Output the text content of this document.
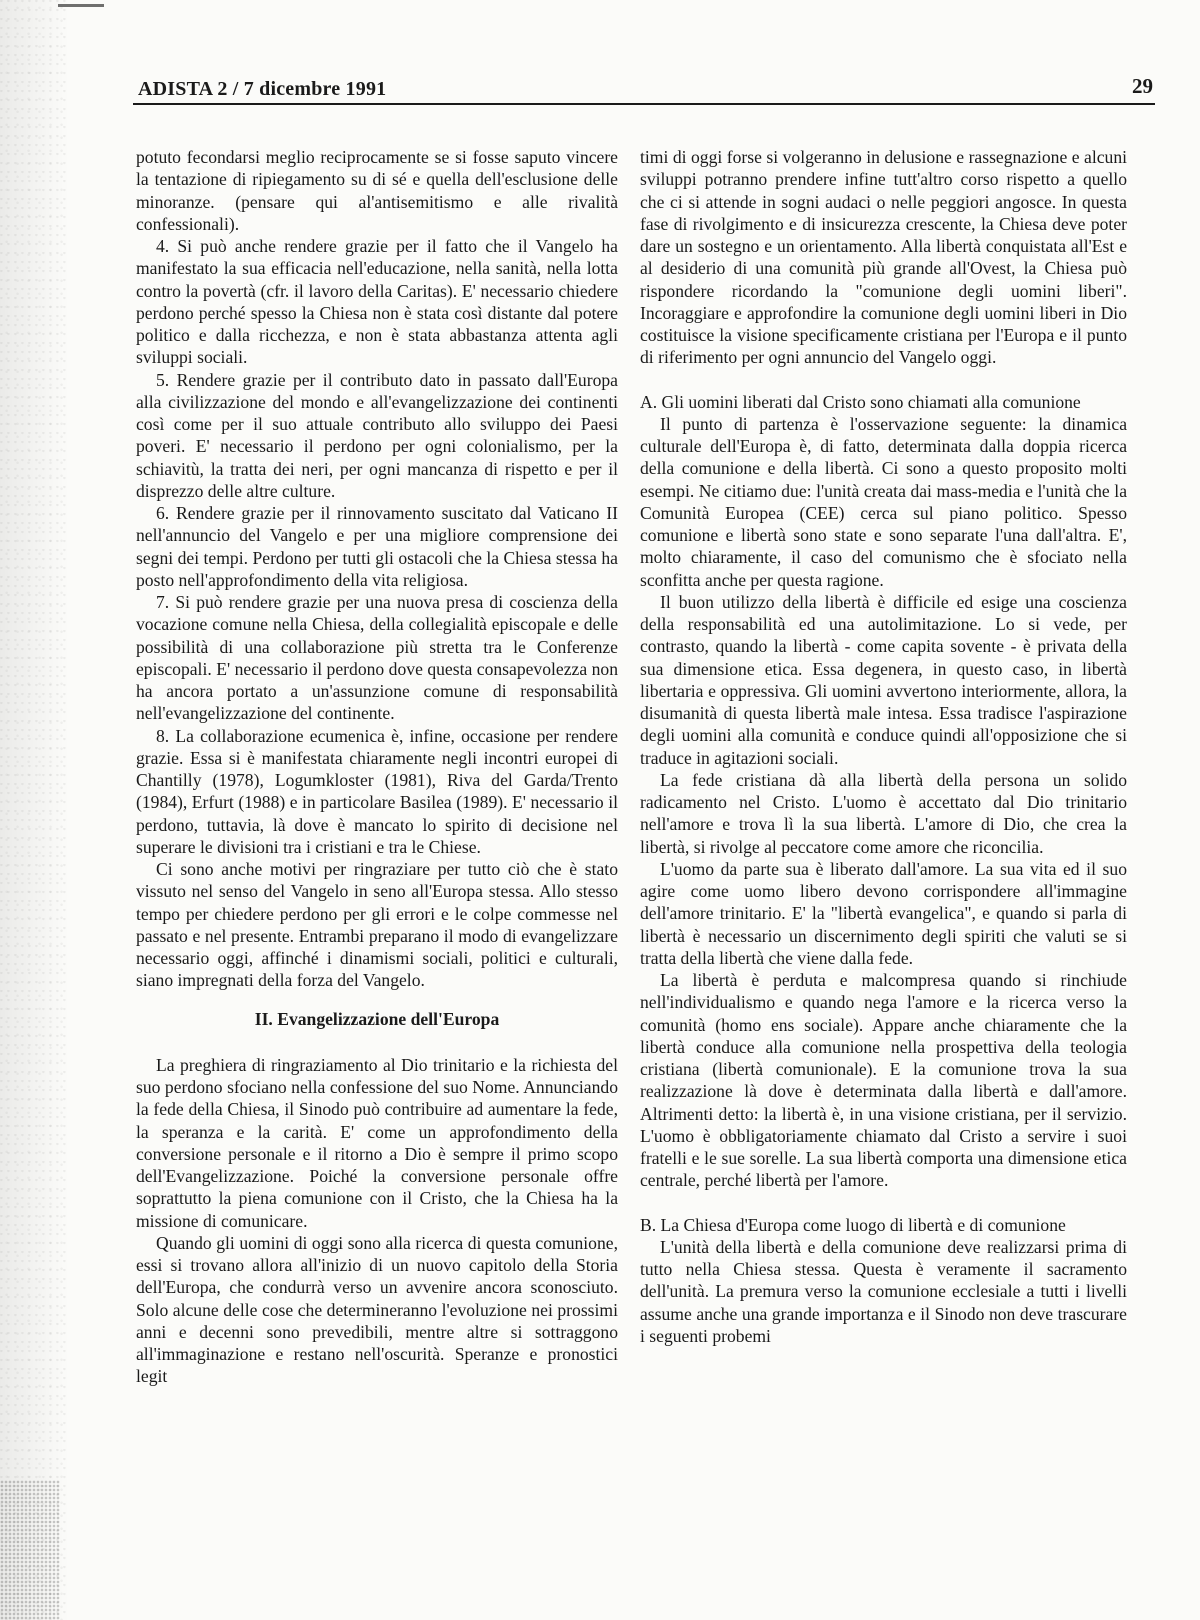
ADISTA 2 / 7 dicembre 1991	29

potuto fecondarsi meglio reciprocamente se si fosse saputo vincere la tentazione di ripiegamento su di sé e quella dell'esclusione delle minoranze. (pensare qui al'antisemitismo e alle rivalità confessionali).

4. Si può anche rendere grazie per il fatto che il Vangelo ha manifestato la sua efficacia nell'educazione, nella sanità, nella lotta contro la povertà (cfr. il lavoro della Caritas). E' necessario chiedere perdono perché spesso la Chiesa non è stata così distante dal potere politico e dalla ricchezza, e non è stata abbastanza attenta agli sviluppi sociali.

5. Rendere grazie per il contributo dato in passato dall'Europa alla civilizzazione del mondo e all'evangelizzazione dei continenti così come per il suo attuale contributo allo sviluppo dei Paesi poveri. E' necessario il perdono per ogni colonialismo, per la schiavitù, la tratta dei neri, per ogni mancanza di rispetto e per il disprezzo delle altre culture.

6. Rendere grazie per il rinnovamento suscitato dal Vaticano II nell'annuncio del Vangelo e per una migliore comprensione dei segni dei tempi. Perdono per tutti gli ostacoli che la Chiesa stessa ha posto nell'approfondimento della vita religiosa.

7. Si può rendere grazie per una nuova presa di coscienza della vocazione comune nella Chiesa, della collegialità episcopale e delle possibilità di una collaborazione più stretta tra le Conferenze episcopali. E' necessario il perdono dove questa consapevolezza non ha ancora portato a un'assunzione comune di responsabilità nell'evangelizzazione del continente.

8. La collaborazione ecumenica è, infine, occasione per rendere grazie. Essa si è manifestata chiaramente negli incontri europei di Chantilly (1978), Logumkloster (1981), Riva del Garda/Trento (1984), Erfurt (1988) e in particolare Basilea (1989). E' necessario il perdono, tuttavia, là dove è mancato lo spirito di decisione nel superare le divisioni tra i cristiani e tra le Chiese.

Ci sono anche motivi per ringraziare per tutto ciò che è stato vissuto nel senso del Vangelo in seno all'Europa stessa. Allo stesso tempo per chiedere perdono per gli errori e le colpe commesse nel passato e nel presente. Entrambi preparano il modo di evangelizzare necessario oggi, affinché i dinamismi sociali, politici e culturali, siano impregnati della forza del Vangelo.

II. Evangelizzazione dell'Europa

La preghiera di ringraziamento al Dio trinitario e la richiesta del suo perdono sfociano nella confessione del suo Nome. Annunciando la fede della Chiesa, il Sinodo può contribuire ad aumentare la fede, la speranza e la carità. E' come un approfondimento della conversione personale e il ritorno a Dio è sempre il primo scopo dell'Evangelizzazione. Poiché la conversione personale offre soprattutto la piena comunione con il Cristo, che la Chiesa ha la missione di comunicare.

Quando gli uomini di oggi sono alla ricerca di questa comunione, essi si trovano allora all'inizio di un nuovo capitolo della Storia dell'Europa, che condurrà verso un avvenire ancora sconosciuto. Solo alcune delle cose che determineranno l'evoluzione nei prossimi anni e decenni sono prevedibili, mentre altre si sottraggono all'immaginazione e restano nell'oscurità. Speranze e pronostici legit

timi di oggi forse si volgeranno in delusione e rassegnazione e alcuni sviluppi potranno prendere infine tutt'altro corso rispetto a quello che ci si attende in sogni audaci o nelle peggiori angosce. In questa fase di rivolgimento e di insicurezza crescente, la Chiesa deve poter dare un sostegno e un orientamento. Alla libertà conquistata all'Est e al desiderio di una comunità più grande all'Ovest, la Chiesa può rispondere ricordando la "comunione degli uomini liberi". Incoraggiare e approfondire la comunione degli uomini liberi in Dio costituisce la visione specificamente cristiana per l'Europa e il punto di riferimento per ogni annuncio del Vangelo oggi.

A. Gli uomini liberati dal Cristo sono chiamati alla comunione

Il punto di partenza è l'osservazione seguente: la dinamica culturale dell'Europa è, di fatto, determinata dalla doppia ricerca della comunione e della libertà. Ci sono a questo proposito molti esempi. Ne citiamo due: l'unità creata dai mass-media e l'unità che la Comunità Europea (CEE) cerca sul piano politico. Spesso comunione e libertà sono state e sono separate l'una dall'altra. E', molto chiaramente, il caso del comunismo che è sfociato nella sconfitta anche per questa ragione.

Il buon utilizzo della libertà è difficile ed esige una coscienza della responsabilità ed una autolimitazione. Lo si vede, per contrasto, quando la libertà - come capita sovente - è privata della sua dimensione etica. Essa degenera, in questo caso, in libertà libertaria e oppressiva. Gli uomini avvertono interiormente, allora, la disumanità di questa libertà male intesa. Essa tradisce l'aspirazione degli uomini alla comunità e conduce quindi all'opposizione che si traduce in agitazioni sociali.

La fede cristiana dà alla libertà della persona un solido radicamento nel Cristo. L'uomo è accettato dal Dio trinitario nell'amore e trova lì la sua libertà. L'amore di Dio, che crea la libertà, si rivolge al peccatore come amore che riconcilia.

L'uomo da parte sua è liberato dall'amore. La sua vita ed il suo agire come uomo libero devono corrispondere all'immagine dell'amore trinitario. E' la "libertà evangelica", e quando si parla di libertà è necessario un discernimento degli spiriti che valuti se si tratta della libertà che viene dalla fede.

La libertà è perduta e malcompresa quando si rinchiude nell'individualismo e quando nega l'amore e la ricerca verso la comunità (homo ens sociale). Appare anche chiaramente che la libertà conduce alla comunione nella prospettiva della teologia cristiana (libertà comunionale). E la comunione trova la sua realizzazione là dove è determinata dalla libertà e dall'amore. Altrimenti detto: la libertà è, in una visione cristiana, per il servizio. L'uomo è obbligatoriamente chiamato dal Cristo a servire i suoi fratelli e le sue sorelle. La sua libertà comporta una dimensione etica centrale, perché libertà per l'amore.

B. La Chiesa d'Europa come luogo di libertà e di comunione

L'unità della libertà e della comunione deve realizzarsi prima di tutto nella Chiesa stessa. Questa è veramente il sacramento dell'unità. La premura verso la comunione ecclesiale a tutti i livelli assume anche una grande importanza e il Sinodo non deve trascurare i seguenti probemi
